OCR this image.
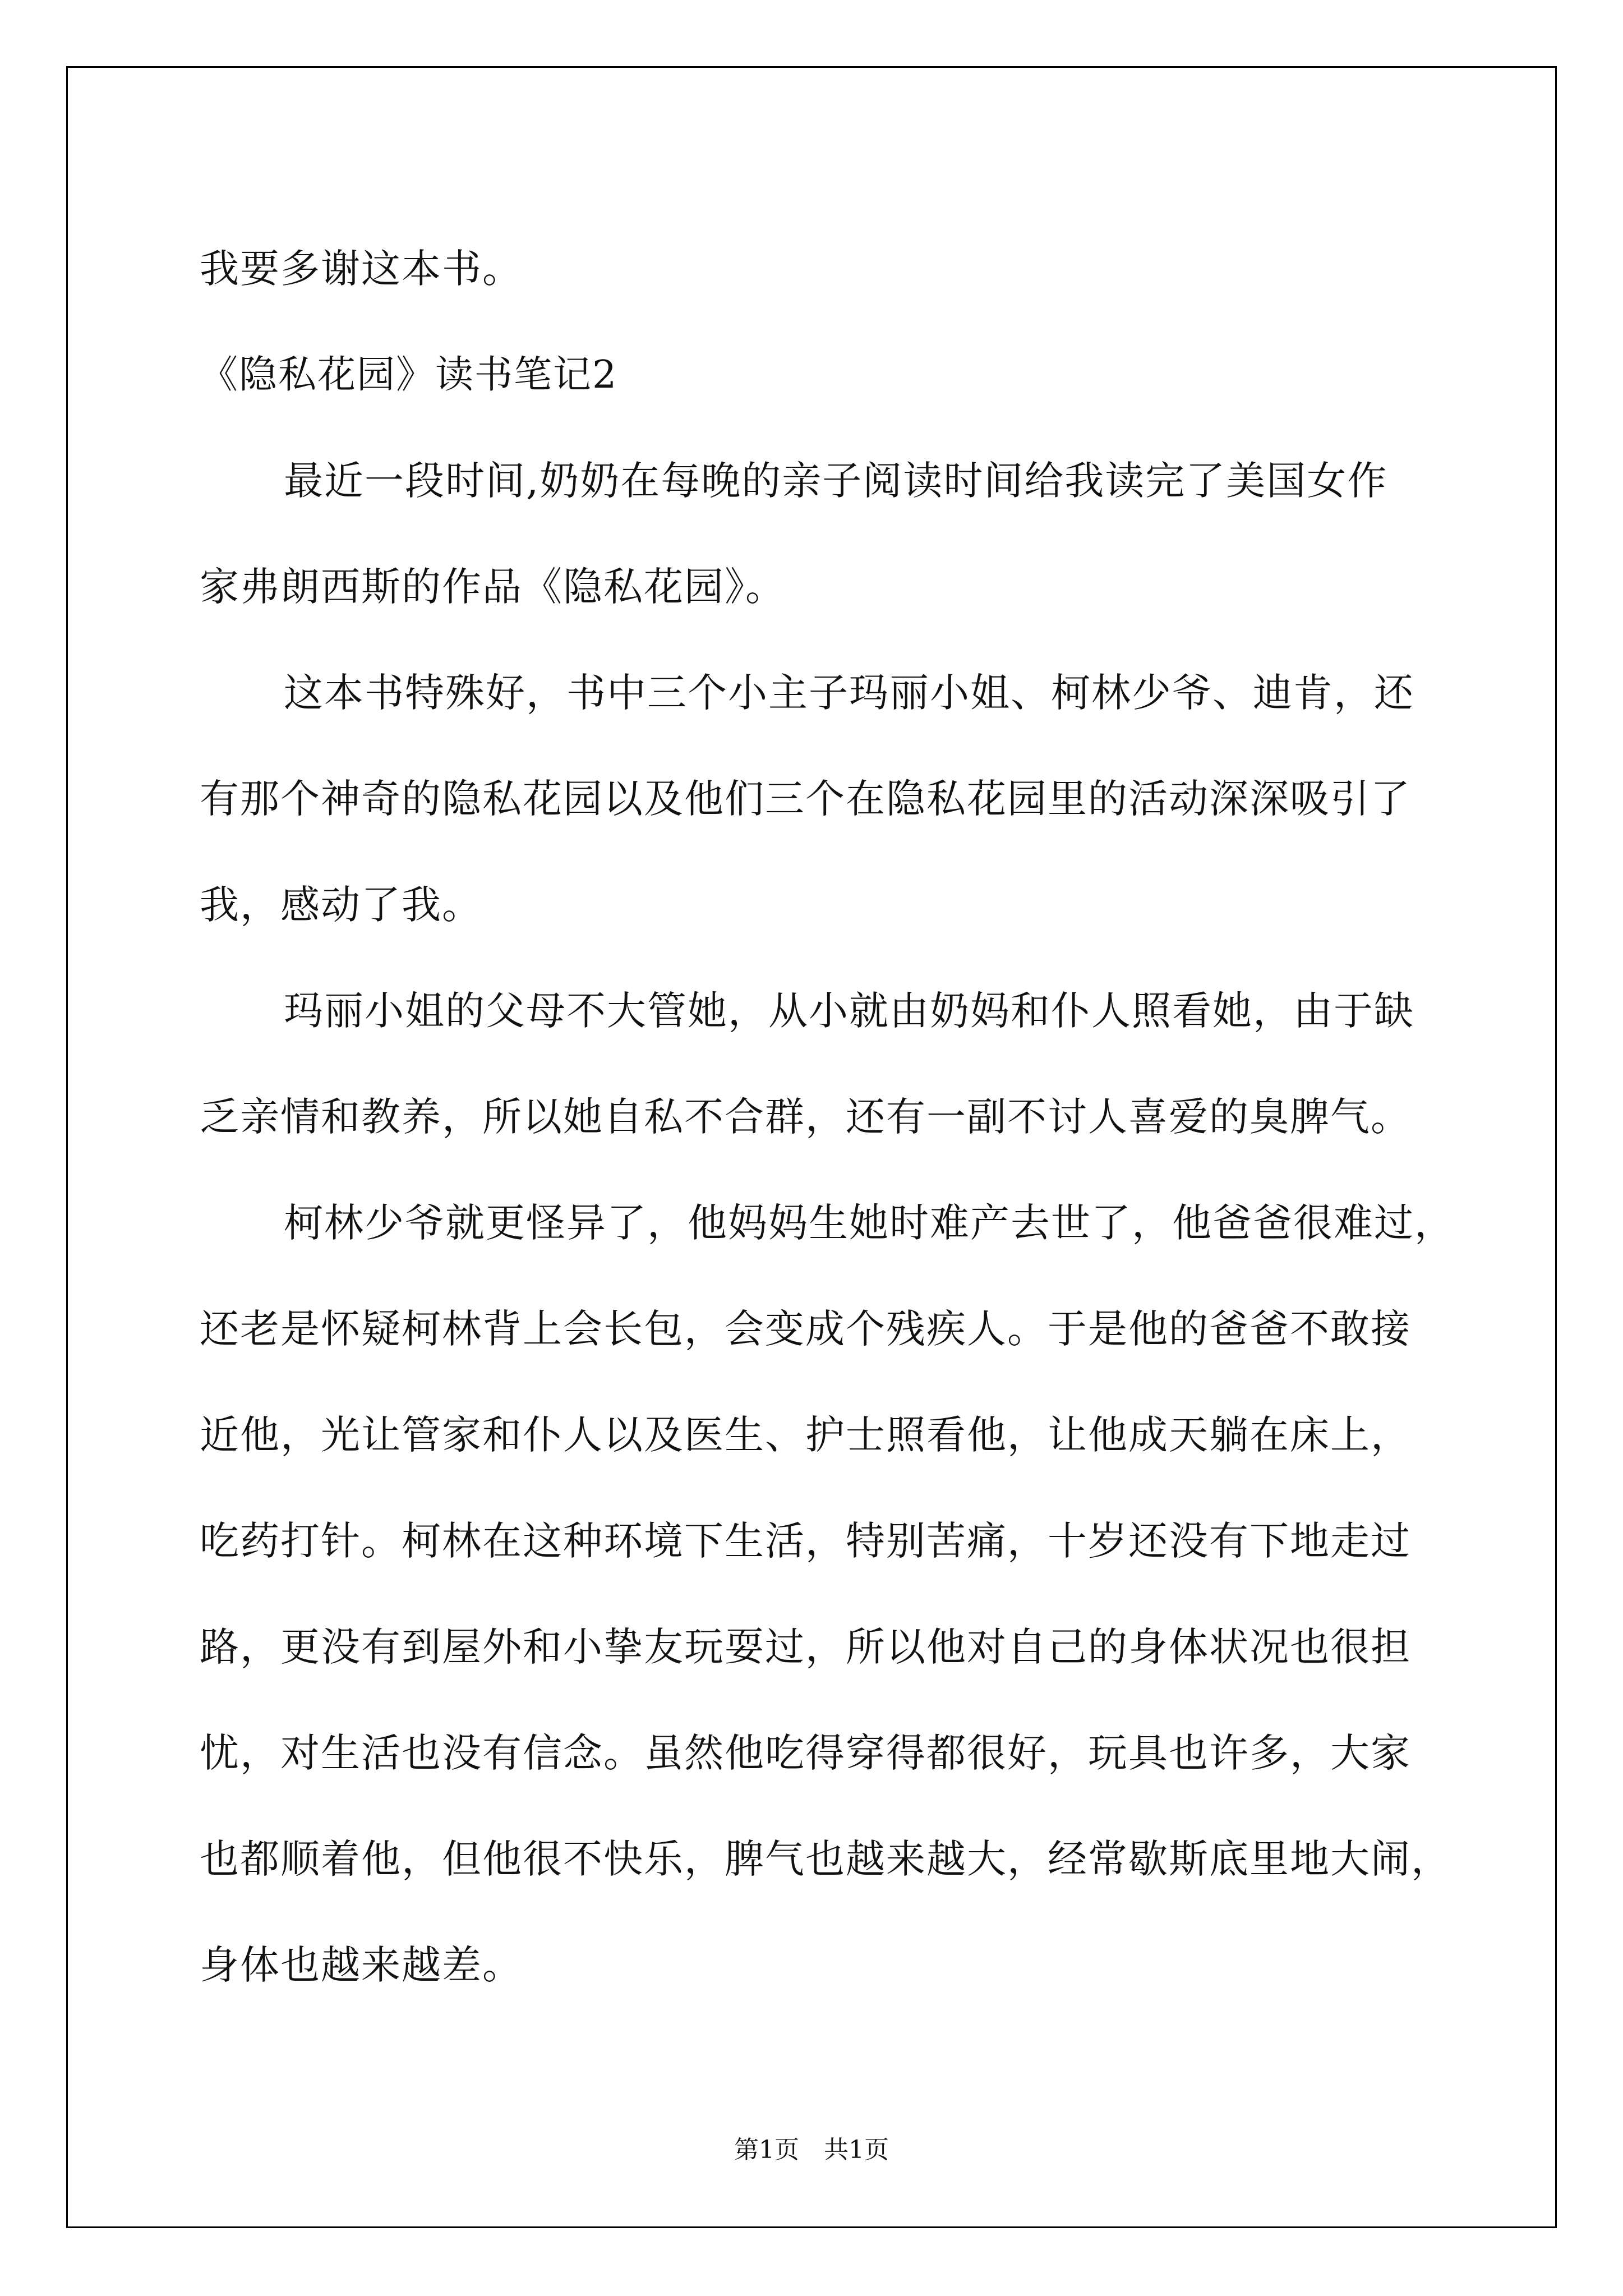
我要多谢这本书。
《隐私花园》读书笔记2
最近一段时间,奶奶在每晚的亲子阅读时间给我读完了美国女作
家弗朗西斯的作品《隐私花园》。
这本书特殊好，书中三个小主子玛丽小姐、柯林少爷、迪肯，还
有那个神奇的隐私花园以及他们三个在隐私花园里的活动深深吸引了
我，感动了我。
玛丽小姐的父母不大管她，从小就由奶妈和仆人照看她，由于缺
乏亲情和教养，所以她自私不合群，还有一副不讨人喜爱的臭脾气。
柯林少爷就更怪异了，他妈妈生她时难产去世了，他爸爸很难过，
还老是怀疑柯林背上会长包，会变成个残疾人。于是他的爸爸不敢接
近他，光让管家和仆人以及医生、护士照看他，让他成天躺在床上，
吃药打针。柯林在这种环境下生活，特别苦痛，十岁还没有下地走过
路，更没有到屋外和小挚友玩耍过，所以他对自己的身体状况也很担
忧，对生活也没有信念。虽然他吃得穿得都很好，玩具也许多，大家
也都顺着他，但他很不快乐，脾气也越来越大，经常歇斯底里地大闹，
身体也越来越差。
第1页　共1页
